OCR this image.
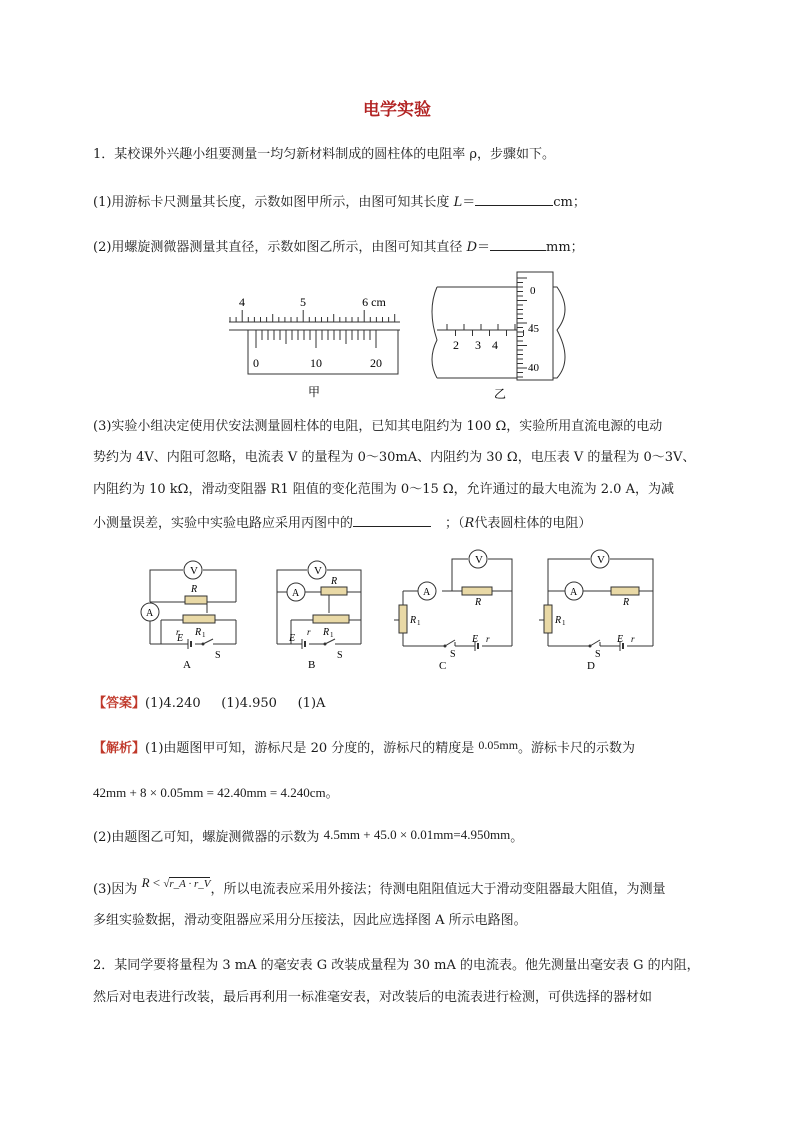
电学实验
1．某校课外兴趣小组要测量一均匀新材料制成的圆柱体的电阻率 ρ，步骤如下。
(1)用游标卡尺测量其长度，示数如图甲所示，由图可知其长度 L＝	cm；
(2)用螺旋测微器测量其直径，示数如图乙所示，由图可知其直径 D＝	mm；
4	5	6 cm
0	10	20
甲
2 3 4
0
45
40
乙
(3)实验小组决定使用伏安法测量圆柱体的电阻，已知其电阻约为 100 Ω，实验所用直流电源的电动
势约为 4V、内阻可忽略，电流表 V 的量程为 0～30mA、内阻约为 30 Ω，电压表 V 的量程为 0～3V、
内阻约为 10 kΩ，滑动变阻器 R1 阻值的变化范围为 0～15 Ω，允许通过的最大电流为 2.0 A，为减
小测量误差，实验中实验电路应采用丙图中的	；（R代表圆柱体的电阻）
V
A
R
R 1
E
r
S
A
V
A
R
R 1
E
r
S
B
V
A
R
R 1
E r
S
C
V
A
R
R 1
E r
S
D
【答案】(1)4.240     (1)4.950     (1)A
【解析】(1)由题图甲可知，游标尺是 20 分度的，游标尺的精度是 0.05mm。游标卡尺的示数为
42mm + 8 × 0.05mm = 42.40mm = 4.240cm。
(2)由题图乙可知，螺旋测微器的示数为 4.5mm + 45.0 × 0.01mm=4.950mm。
(3)因为 R < $^{√r\_A \cdot r\_V}$，所以电流表应采用外接法；待测电阻阻值远大于滑动变阻器最大阻值，为测量
多组实验数据，滑动变阻器应采用分压接法，因此应选择图 A 所示电路图。
2．某同学要将量程为 3 mA 的毫安表 G 改装成量程为 30 mA 的电流表。他先测量出毫安表 G 的内阻，
然后对电表进行改装，最后再利用一标准毫安表，对改装后的电流表进行检测，可供选择的器材如
